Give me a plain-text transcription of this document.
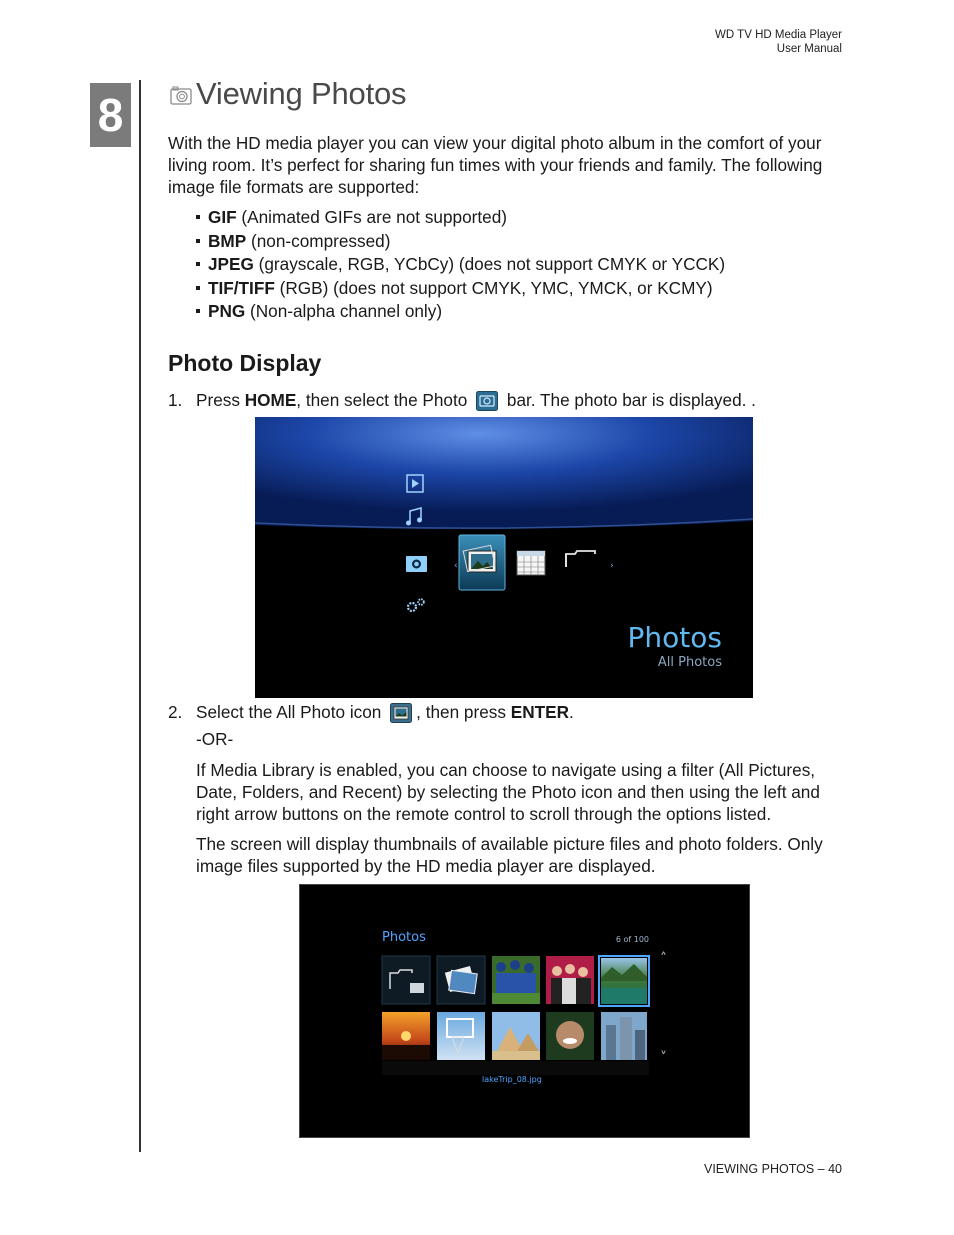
WD TV HD Media Player
User Manual
8 Viewing Photos

With the HD media player you can view your digital photo album in the comfort of your living room. It’s perfect for sharing fun times with your friends and family. The following image file formats are supported:

GIF (Animated GIFs are not supported)
BMP (non-compressed)
JPEG (grayscale, RGB, YCbCy) (does not support CMYK or YCCK)
TIF/TIFF (RGB) (does not support CMYK, YMC, YMCK, or KCMY)
PNG (Non-alpha channel only)
Photo Display
1. Press HOME, then select the Photo bar. The photo bar is displayed. .
‹	›
Photos
All Photos
2. Select the All Photo icon , then press ENTER.
-OR-

If Media Library is enabled, you can choose to navigate using a filter (All Pictures, Date, Folders, and Recent) by selecting the Photo icon and then using the left and right arrow buttons on the remote control to scroll through the options listed.

The screen will display thumbnails of available picture files and photo folders. Only image files supported by the HD media player are displayed.

Photos	6 of 100
˄
˅
lakeTrip_08.jpg
VIEWING PHOTOS – 40
